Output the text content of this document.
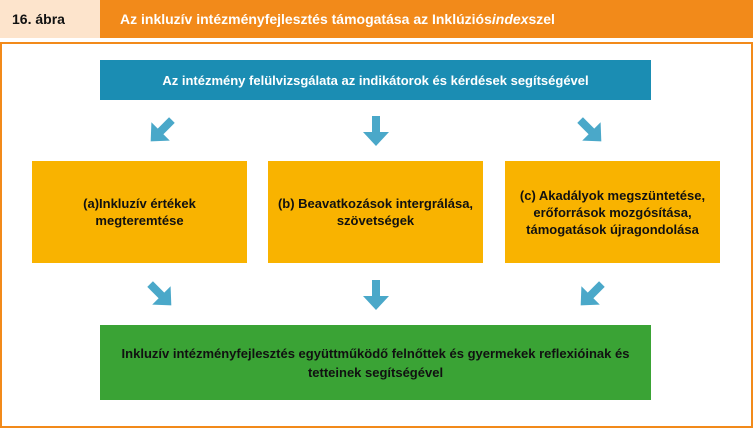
16. ábra	Az inkluzív intézményfejlesztés támogatása az Inklúziós index szel
Az intézmény felülvizsgálata az indikátorok és kérdések segítségével
(a)Inkluzív értékek megteremtése
(b) Beavatkozások intergrálása, szövetségek
(c) Akadályok megszüntetése, erőforrások mozgósítása, támogatások újragondolása
Inkluzív intézményfejlesztés együttműködő felnőttek és gyermekek reflexióinak és tetteinek segítségével
